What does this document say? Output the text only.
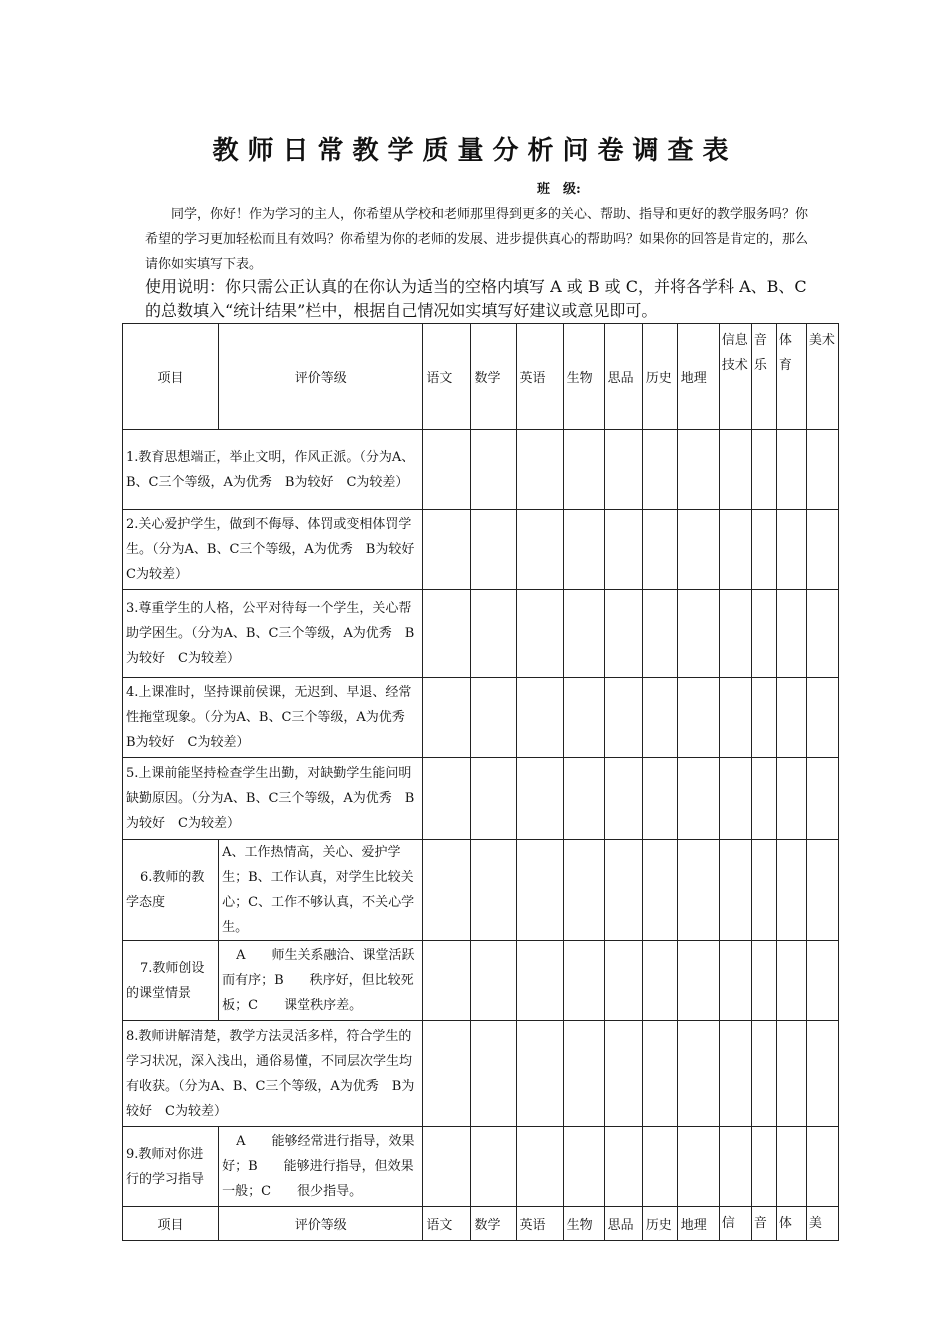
教师日常教学质量分析问卷调查表
班　级:
同学，你好！作为学习的主人，你希望从学校和老师那里得到更多的关心、帮助、指导和更好的教学服务吗？你希望的学习更加轻松而且有效吗？你希望为你的老师的发展、进步提供真心的帮助吗？如果你的回答是肯定的，那么请你如实填写下表。
使用说明：你只需公正认真的在你认为适当的空格内填写 A 或 B 或 C，并将各学科 A、B、C 的总数填入“统计结果”栏中，根据自己情况如实填写好建议或意见即可。
项目	评价等级	语文	数学	英语	生物	思品	历史	地理	信息技术	音乐	体育	美术
1.教育思想端正，举止文明，作风正派。（分为A、B、C三个等级，A为优秀　B为较好　C为较差）												
2.关心爱护学生，做到不侮辱、体罚或变相体罚学生。（分为A、B、C三个等级，A为优秀　B为较好　C为较差）												
3.尊重学生的人格，公平对待每一个学生，关心帮助学困生。（分为A、B、C三个等级，A为优秀　B为较好　C为较差）												
4.上课准时，坚持课前侯课，无迟到、早退、经常性拖堂现象。（分为A、B、C三个等级，A为优秀　B为较好　C为较差）												
5.上课前能坚持检查学生出勤，对缺勤学生能问明缺勤原因。（分为A、B、C三个等级，A为优秀　B为较好　C为较差）												
6.教师的教学态度	A、工作热情高，关心、爱护学生；B、工作认真，对学生比较关心；C、工作不够认真，不关心学生。											
7.教师创设的课堂情景	A　　师生关系融洽、课堂活跃而有序；B　　秩序好，但比较死板；C　　课堂秩序差。											
8.教师讲解清楚，教学方法灵活多样，符合学生的学习状况，深入浅出，通俗易懂，不同层次学生均有收获。（分为A、B、C三个等级，A为优秀　B为较好　C为较差）												
9.教师对你进行的学习指导	A　　能够经常进行指导，效果好；B　　能够进行指导，但效果一般；C　　很少指导。											
项目	评价等级	语文	数学	英语	生物	思品	历史	地理	信	音	体	美
